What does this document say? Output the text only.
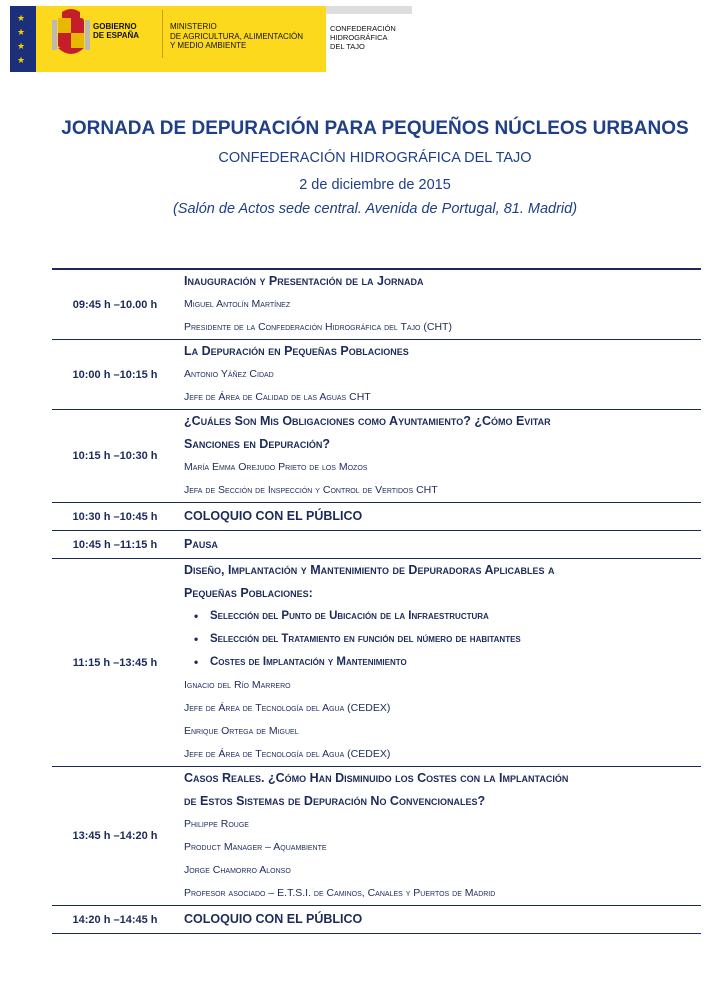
★
★
★
★
GOBIERNO
DE ESPAÑA
MINISTERIO
DE AGRICULTURA, ALIMENTACIÓN
Y MEDIO AMBIENTE
CONFEDERACIÓN
HIDROGRÁFICA
DEL TAJO
JORNADA DE DEPURACIÓN PARA PEQUEÑOS NÚCLEOS URBANOS
CONFEDERACIÓN HIDROGRÁFICA DEL TAJO
2 de diciembre de 2015
(Salón de Actos sede central. Avenida de Portugal, 81. Madrid)
09:45 h –10.00 h
Inauguración y Presentación de la Jornada
Miguel Antolín Martínez
Presidente de la Confederación Hidrográfica del Tajo (CHT)
10:00 h –10:15 h
La Depuración en Pequeñas Poblaciones
Antonio Yáñez Cidad
Jefe de Área de Calidad de las Aguas CHT
10:15 h –10:30 h
¿Cuáles Son Mis Obligaciones como Ayuntamiento? ¿Cómo Evitar
Sanciones en Depuración?
María Emma Orejudo Prieto de los Mozos
Jefa de Sección de Inspección y Control de Vertidos CHT
10:30 h –10:45 h	COLOQUIO CON EL PÚBLICO
10:45 h –11:15 h	Pausa
11:15 h –13:45 h
Diseño, Implantación y Mantenimiento de Depuradoras Aplicables a
Pequeñas Poblaciones:
• Selección del Punto de Ubicación de la Infraestructura
• Selección del Tratamiento en función del número de habitantes
• Costes de Implantación y Mantenimiento
Ignacio del Río Marrero
Jefe de Área de Tecnología del Agua (CEDEX)
Enrique Ortega de Miguel
Jefe de Área de Tecnología del Agua (CEDEX)
13:45 h –14:20 h
Casos Reales. ¿Cómo Han Disminuido los Costes con la Implantación
de Estos Sistemas de Depuración No Convencionales?
Philippe Rouge
Product Manager – Aquambiente
Jorge Chamorro Alonso
Profesor asociado – E.T.S.I. de Caminos, Canales y Puertos de Madrid
14:20 h –14:45 h	COLOQUIO CON EL PÚBLICO
